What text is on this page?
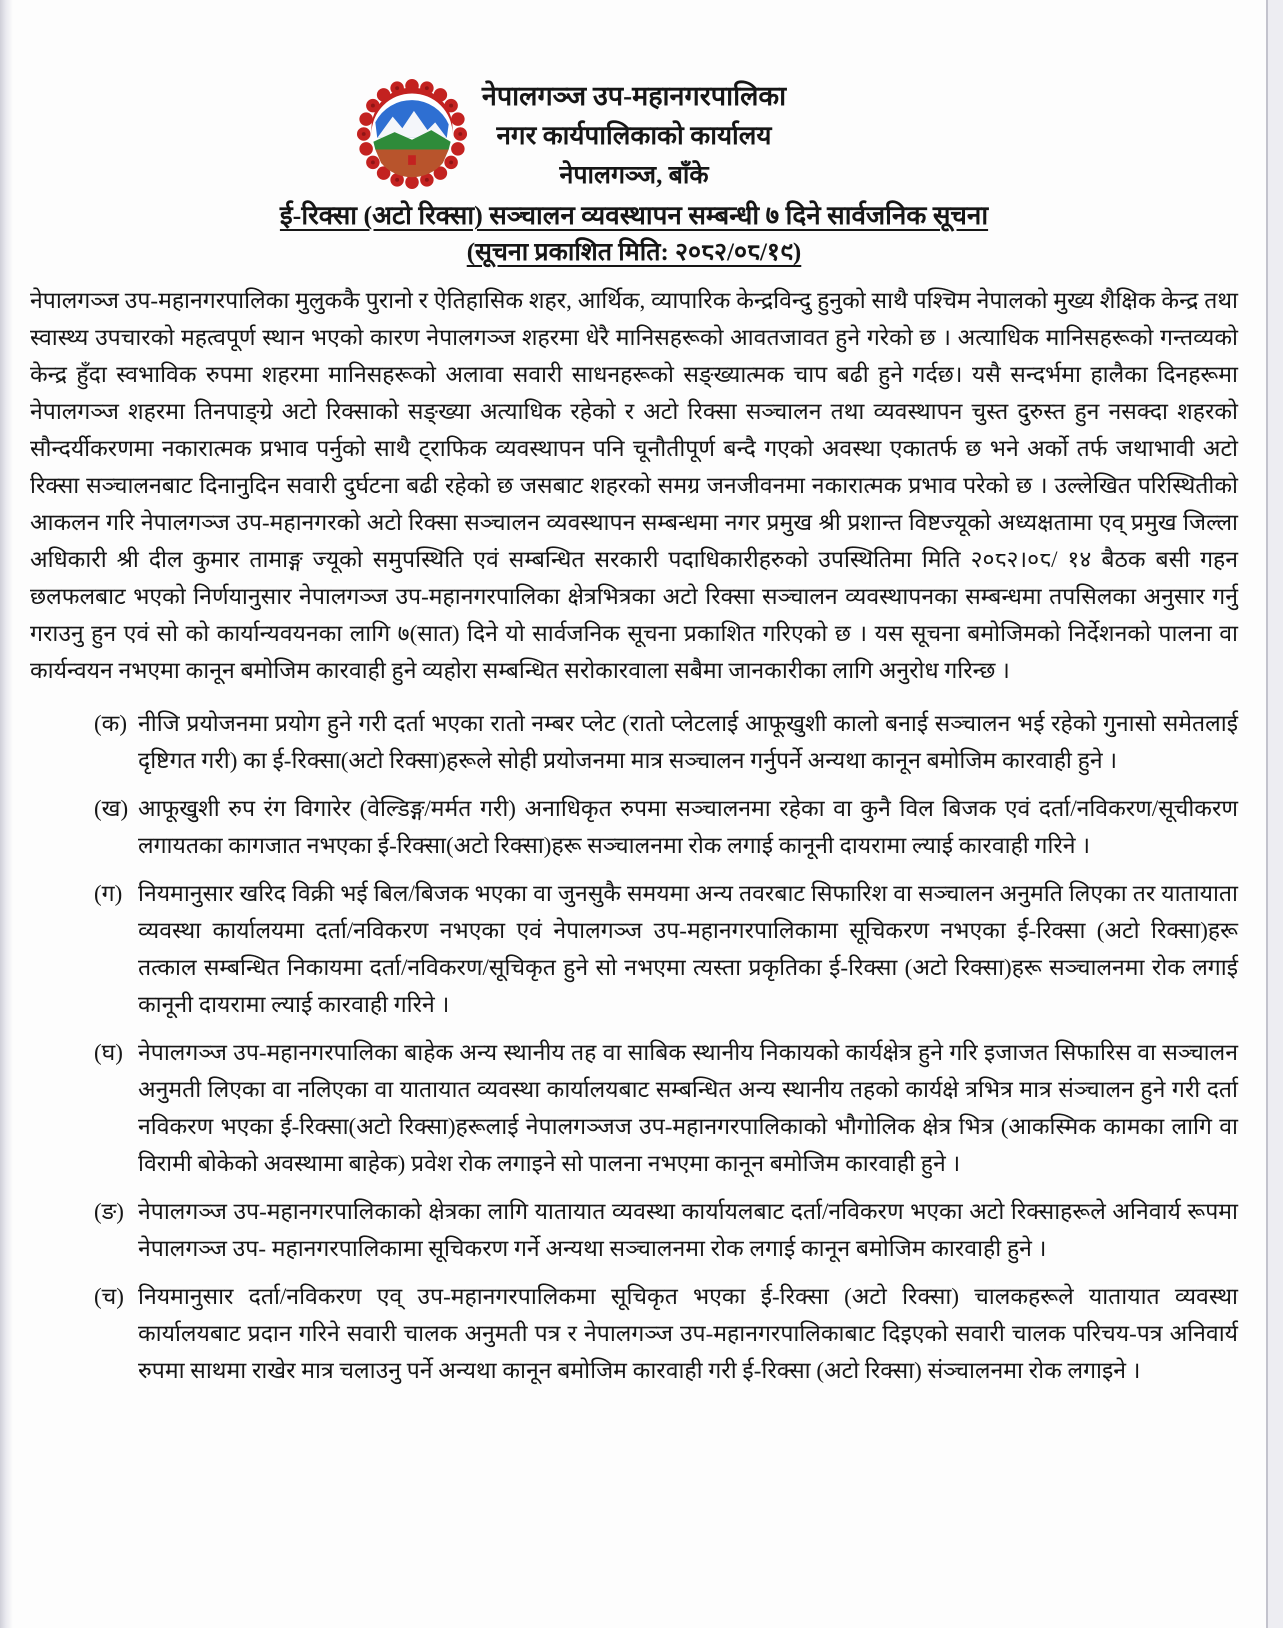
नेपालगञ्ज उप-महानगरपालिका

नगर कार्यपालिकाको कार्यालय

नेपालगञ्ज, बाँके

ई-रिक्सा (अटो रिक्सा) सञ्चालन व्यवस्थापन सम्बन्धी ७ दिने सार्वजनिक सूचना

(सूचना प्रकाशित मिति: २०८२/०८/१९)

नेपालगञ्ज उप-महानगरपालिका मुलुककै पुरानो र ऐतिहासिक शहर, आर्थिक, व्यापारिक केन्द्रविन्दु हुनुको साथै पश्चिम नेपालको मुख्य शैक्षिक केन्द्र तथा स्वास्थ्य उपचारको महत्वपूर्ण स्थान भएको कारण नेपालगञ्ज शहरमा धेरै मानिसहरूको आवतजावत हुने गरेको छ । अत्याधिक मानिसहरूको गन्तव्यको केन्द्र हुँदा स्वभाविक रुपमा शहरमा मानिसहरूको अलावा सवारी साधनहरूको सङ्ख्यात्मक चाप बढी हुने गर्दछ। यसै सन्दर्भमा हालैका दिनहरूमा नेपालगञ्ज शहरमा तिनपाङ्ग्रे अटो रिक्साको सङ्ख्या अत्याधिक रहेको र अटो रिक्सा सञ्चालन तथा व्यवस्थापन चुस्त दुरुस्त हुन नसक्दा शहरको सौन्दर्यीकरणमा नकारात्मक प्रभाव पर्नुको साथै ट्राफिक व्यवस्थापन पनि चूनौतीपूर्ण बन्दै गएको अवस्था एकातर्फ छ भने अर्को तर्फ जथाभावी अटो रिक्सा सञ्चालनबाट दिनानुदिन सवारी दुर्घटना बढी रहेको छ जसबाट शहरको समग्र जनजीवनमा नकारात्मक प्रभाव परेको छ । उल्लेखित परिस्थितीको आकलन गरि नेपालगञ्ज उप-महानगरको अटो रिक्सा सञ्चालन व्यवस्थापन सम्बन्धमा नगर प्रमुख श्री प्रशान्त विष्टज्यूको अध्यक्षतामा एव् प्रमुख जिल्ला अधिकारी श्री दील कुमार तामाङ्ग ज्यूको समुपस्थिति एवं सम्बन्धित सरकारी पदाधिकारीहरुको उपस्थितिमा मिति २०८२।०८/ १४ बैठक बसी गहन छलफलबाट भएको निर्णयानुसार नेपालगञ्ज उप-महानगरपालिका क्षेत्रभित्रका अटो रिक्सा सञ्चालन व्यवस्थापनका सम्बन्धमा तपसिलका अनुसार गर्नु गराउनु हुन एवं सो को कार्यान्यवयनका लागि ७(सात) दिने यो सार्वजनिक सूचना प्रकाशित गरिएको छ । यस सूचना बमोजिमको निर्देशनको पालना वा कार्यन्वयन नभएमा कानून बमोजिम कारवाही हुने व्यहोरा सम्बन्धित सरोकारवाला सबैमा जानकारीका लागि अनुरोध गरिन्छ ।

(क) नीजि प्रयोजनमा प्रयोग हुने गरी दर्ता भएका रातो नम्बर प्लेट (रातो प्लेटलाई आफूखुशी कालो बनाई सञ्चालन भई रहेको गुनासो समेतलाई दृष्टिगत गरी) का ई-रिक्सा(अटो रिक्सा)हरूले सोही प्रयोजनमा मात्र सञ्चालन गर्नुपर्ने अन्यथा कानून बमोजिम कारवाही हुने ।
(ख) आफूखुशी रुप रंग विगारेर (वेल्डिङ्ग/मर्मत गरी) अनाधिकृत रुपमा सञ्चालनमा रहेका वा कुनै विल बिजक एवं दर्ता/नविकरण/सूचीकरण लगायतका कागजात नभएका ई-रिक्सा(अटो रिक्सा)हरू सञ्चालनमा रोक लगाई कानूनी दायरामा ल्याई कारवाही गरिने ।
(ग) नियमानुसार खरिद विक्री भई बिल/बिजक भएका वा जुनसुकै समयमा अन्य तवरबाट सिफारिश वा सञ्चालन अनुमति लिएका तर यातायाता व्यवस्था कार्यालयमा दर्ता/नविकरण नभएका एवं नेपालगञ्ज उप-महानगरपालिकामा सूचिकरण नभएका ई-रिक्सा (अटो रिक्सा)हरू तत्काल सम्बन्धित निकायमा दर्ता/नविकरण/सूचिकृत हुने सो नभएमा त्यस्ता प्रकृतिका ई-रिक्सा (अटो रिक्सा)हरू सञ्चालनमा रोक लगाई कानूनी दायरामा ल्याई कारवाही गरिने ।
(घ) नेपालगञ्ज उप-महानगरपालिका बाहेक अन्य स्थानीय तह वा साबिक स्थानीय निकायको कार्यक्षेत्र हुने गरि इजाजत सिफारिस वा सञ्चालन अनुमती लिएका वा नलिएका वा यातायात व्यवस्था कार्यालयबाट सम्बन्धित अन्य स्थानीय तहको कार्यक्षे त्रभित्र मात्र संञ्चालन हुने गरी दर्ता नविकरण भएका ई-रिक्सा(अटो रिक्सा)हरूलाई नेपालगञ्जज उप-महानगरपालिकाको भौगोलिक क्षेत्र भित्र (आकस्मिक कामका लागि वा विरामी बोकेको अवस्थामा बाहेक) प्रवेश रोक लगाइने सो पालना नभएमा कानून बमोजिम कारवाही हुने ।
(ङ) नेपालगञ्ज उप-महानगरपालिकाको क्षेत्रका लागि यातायात व्यवस्था कार्यायलबाट दर्ता/नविकरण भएका अटो रिक्साहरूले अनिवार्य रूपमा नेपालगञ्ज उप- महानगरपालिकामा सूचिकरण गर्ने अन्यथा सञ्चालनमा रोक लगाई कानून बमोजिम कारवाही हुने ।
(च) नियमानुसार दर्ता/नविकरण एव् उप-महानगरपालिकमा सूचिकृत भएका ई-रिक्सा (अटो रिक्सा) चालकहरूले यातायात व्यवस्था कार्यालयबाट प्रदान गरिने सवारी चालक अनुमती पत्र र नेपालगञ्ज उप-महानगरपालिकाबाट दिइएको सवारी चालक परिचय-पत्र अनिवार्य रुपमा साथमा राखेर मात्र चलाउनु पर्ने अन्यथा कानून बमोजिम कारवाही गरी ई-रिक्सा (अटो रिक्सा) संञ्चालनमा रोक लगाइने ।
